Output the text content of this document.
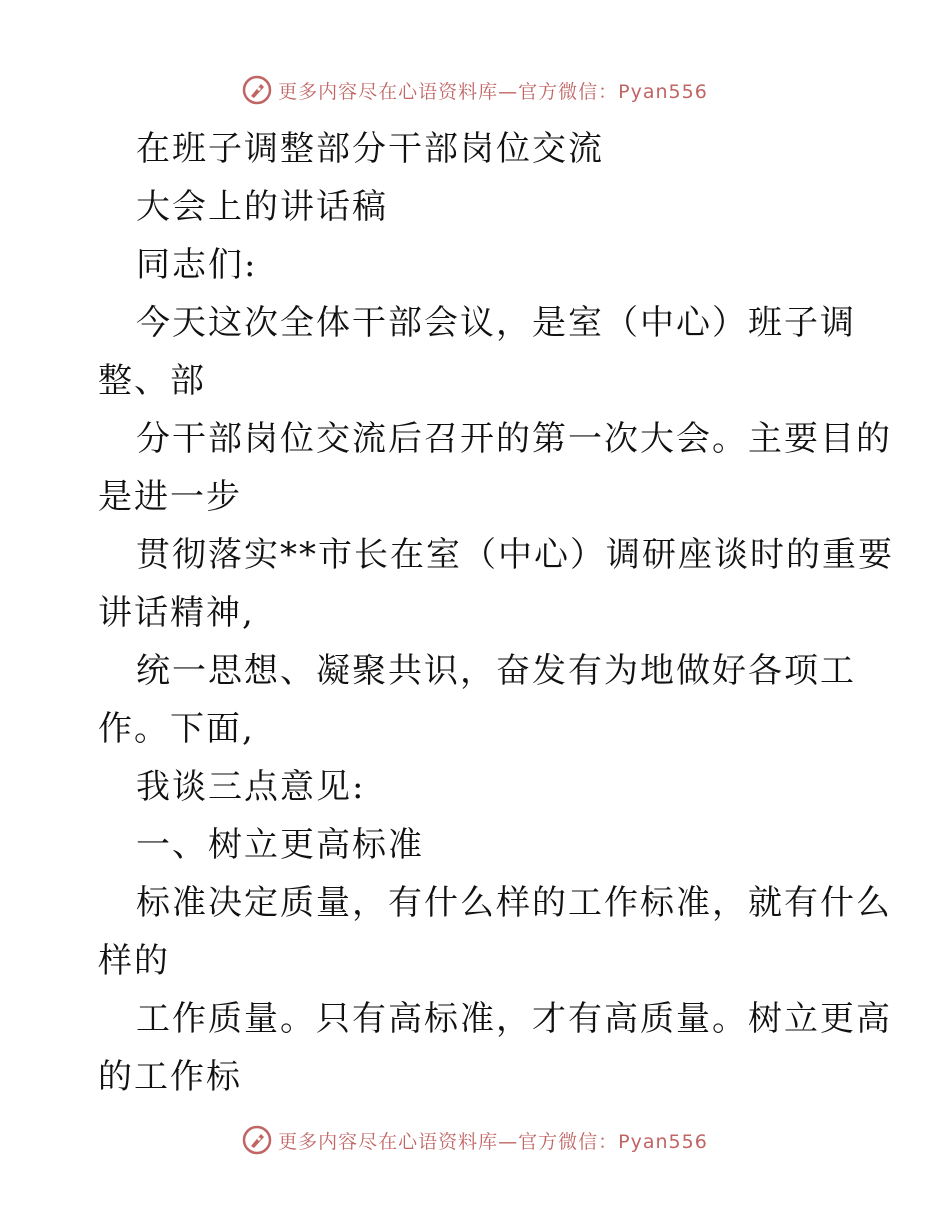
更多内容尽在心语资料库—官方微信：Pyan556
在班子调整部分干部岗位交流
大会上的讲话稿
同志们:
今天这次全体干部会议，是室（中心）班子调
整、部
分干部岗位交流后召开的第一次大会。主要目的
是进一步
贯彻落实**市长在室（中心）调研座谈时的重要
讲话精神,
统一思想、凝聚共识，奋发有为地做好各项工
作。下面,
我谈三点意见:
一、树立更高标准
标准决定质量，有什么样的工作标准，就有什么
样的
工作质量。只有高标准，才有高质量。树立更高
的工作标
更多内容尽在心语资料库—官方微信：Pyan556
